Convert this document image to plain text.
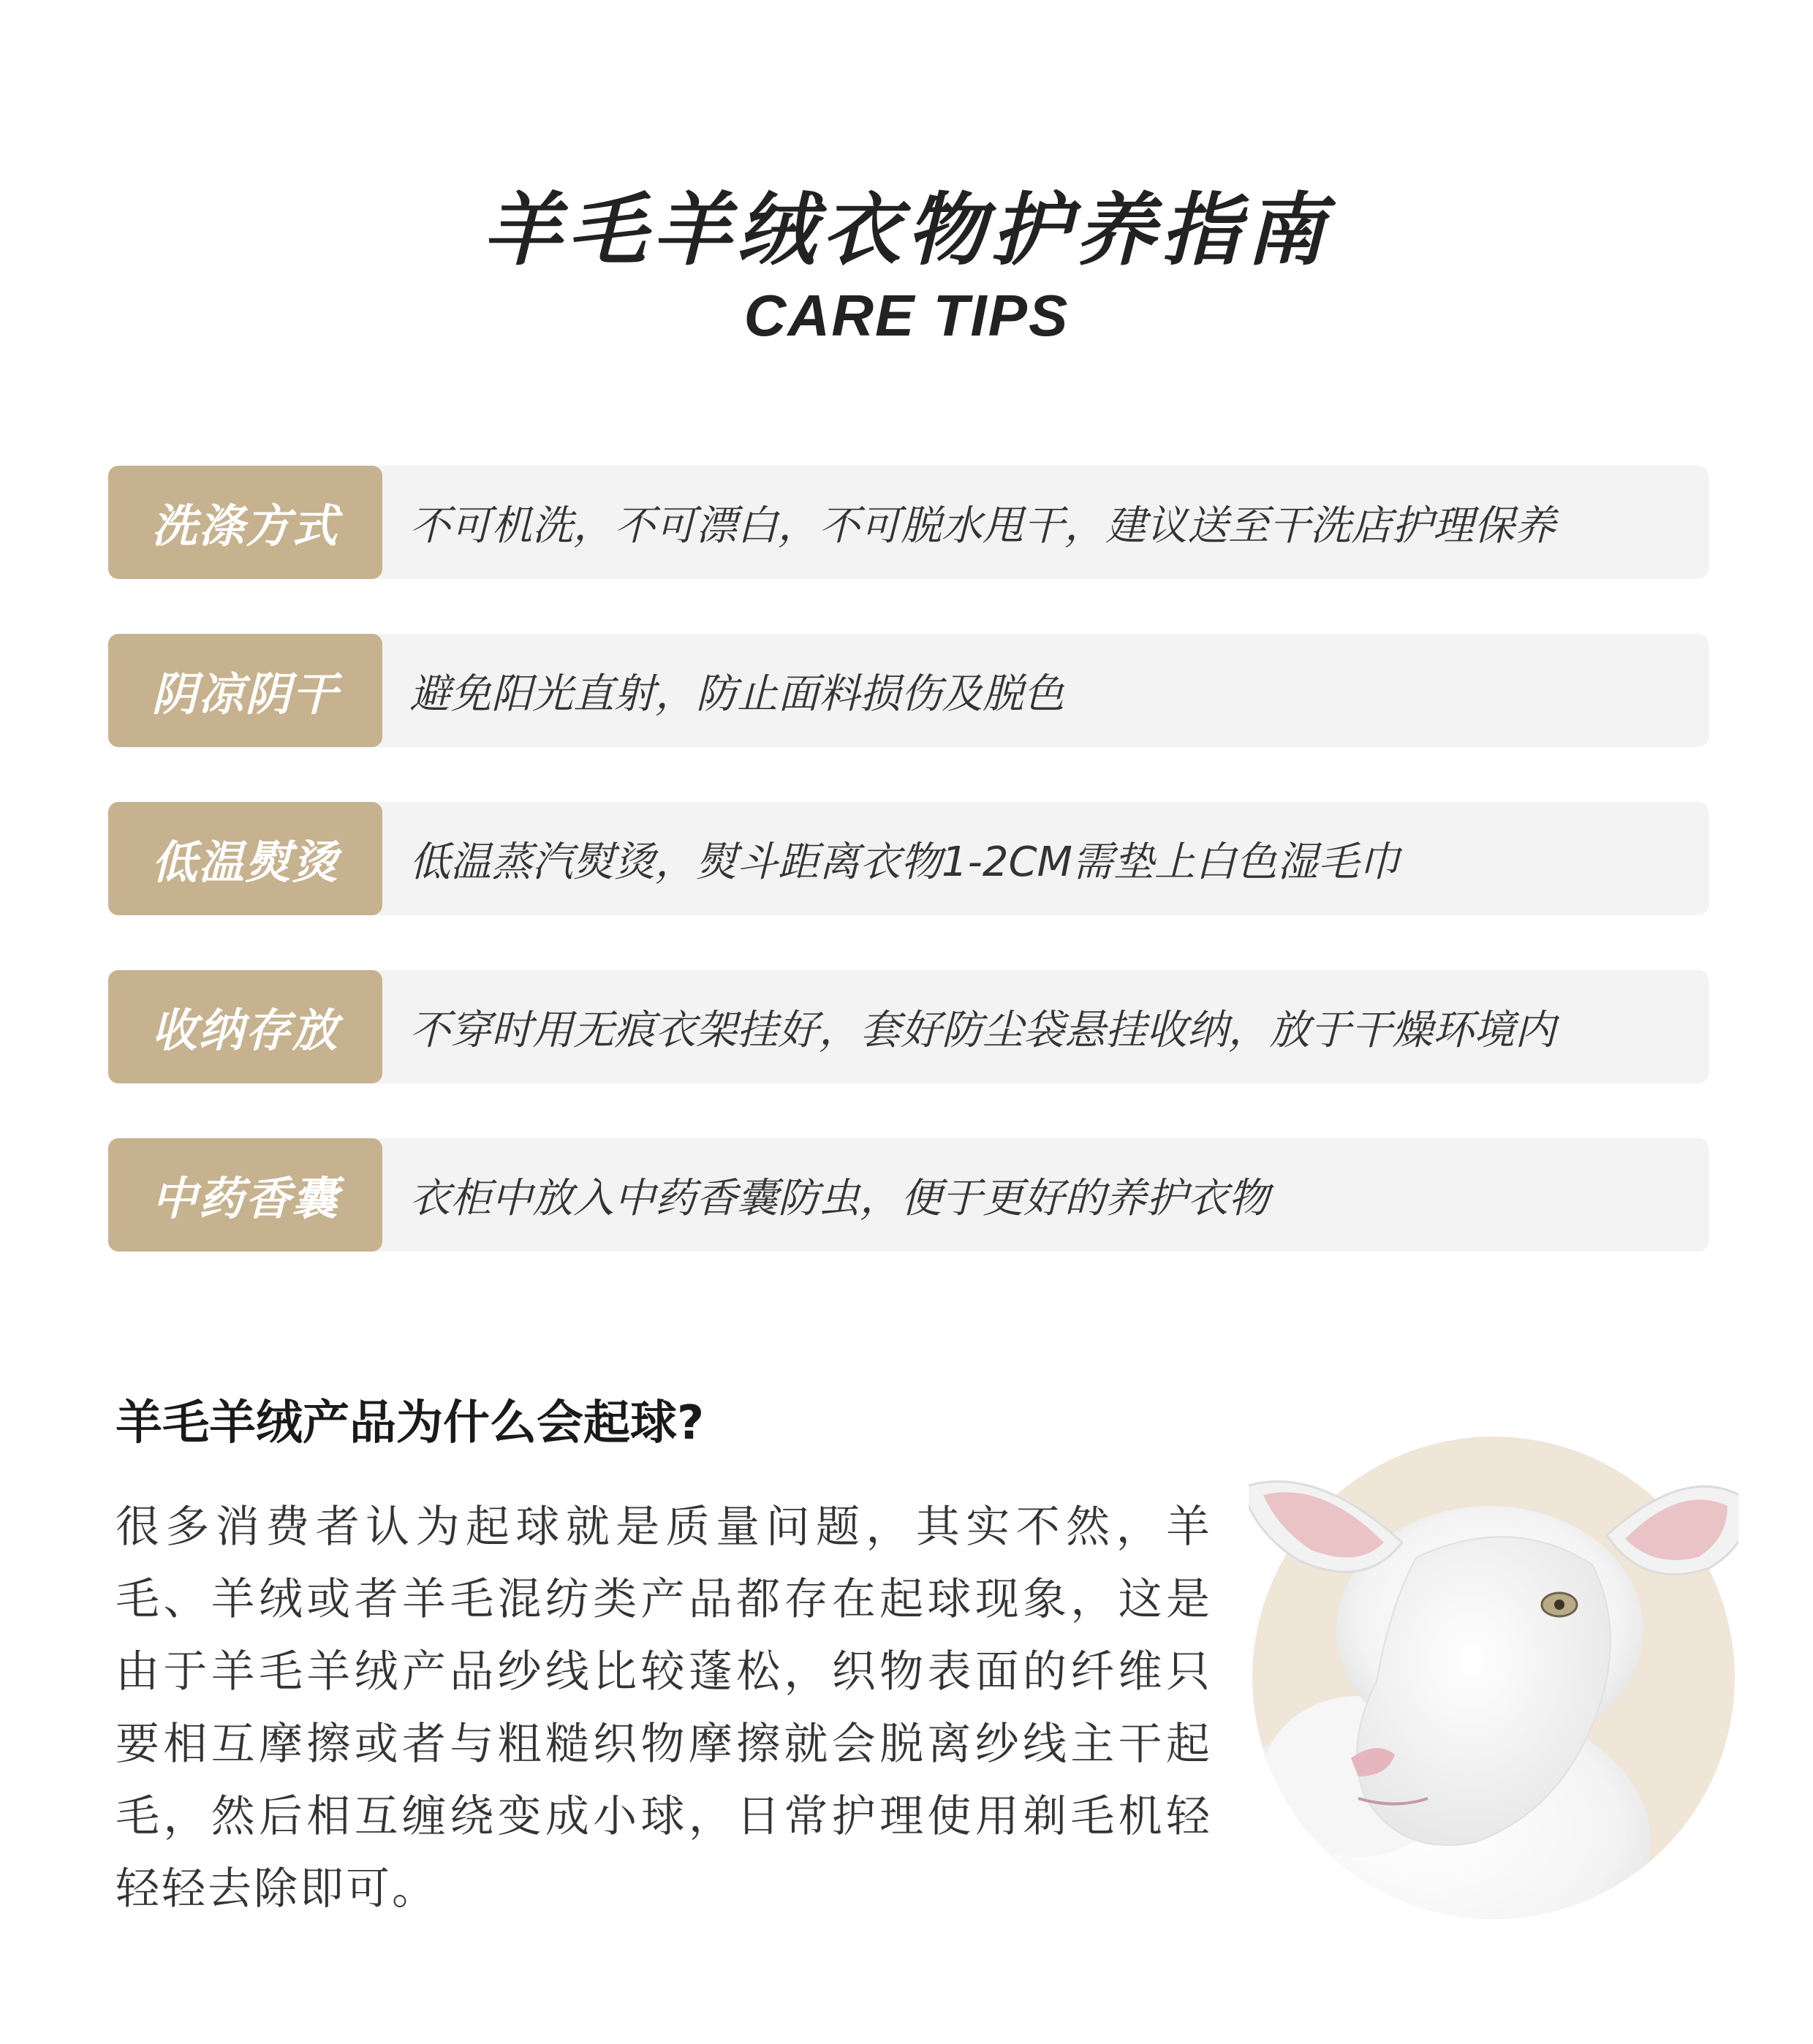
羊毛羊绒衣物护养指南
CARE TIPS
洗涤方式	不可机洗，不可漂白，不可脱水甩干，建议送至干洗店护理保养
阴凉阴干	避免阳光直射，防止面料损伤及脱色
低温熨烫	低温蒸汽熨烫，熨斗距离衣物1-2CM需垫上白色湿毛巾
收纳存放	不穿时用无痕衣架挂好，套好防尘袋悬挂收纳，放于干燥环境内
中药香囊	衣柜中放入中药香囊防虫，便于更好的养护衣物
羊毛羊绒产品为什么会起球?
很多消费者认为起球就是质量问题，其实不然，羊毛、羊绒或者羊毛混纺类产品都存在起球现象，这是由于羊毛羊绒产品纱线比较蓬松，织物表面的纤维只要相互摩擦或者与粗糙织物摩擦就会脱离纱线主干起毛，然后相互缠绕变成小球，日常护理使用剃毛机轻轻轻去除即可。
